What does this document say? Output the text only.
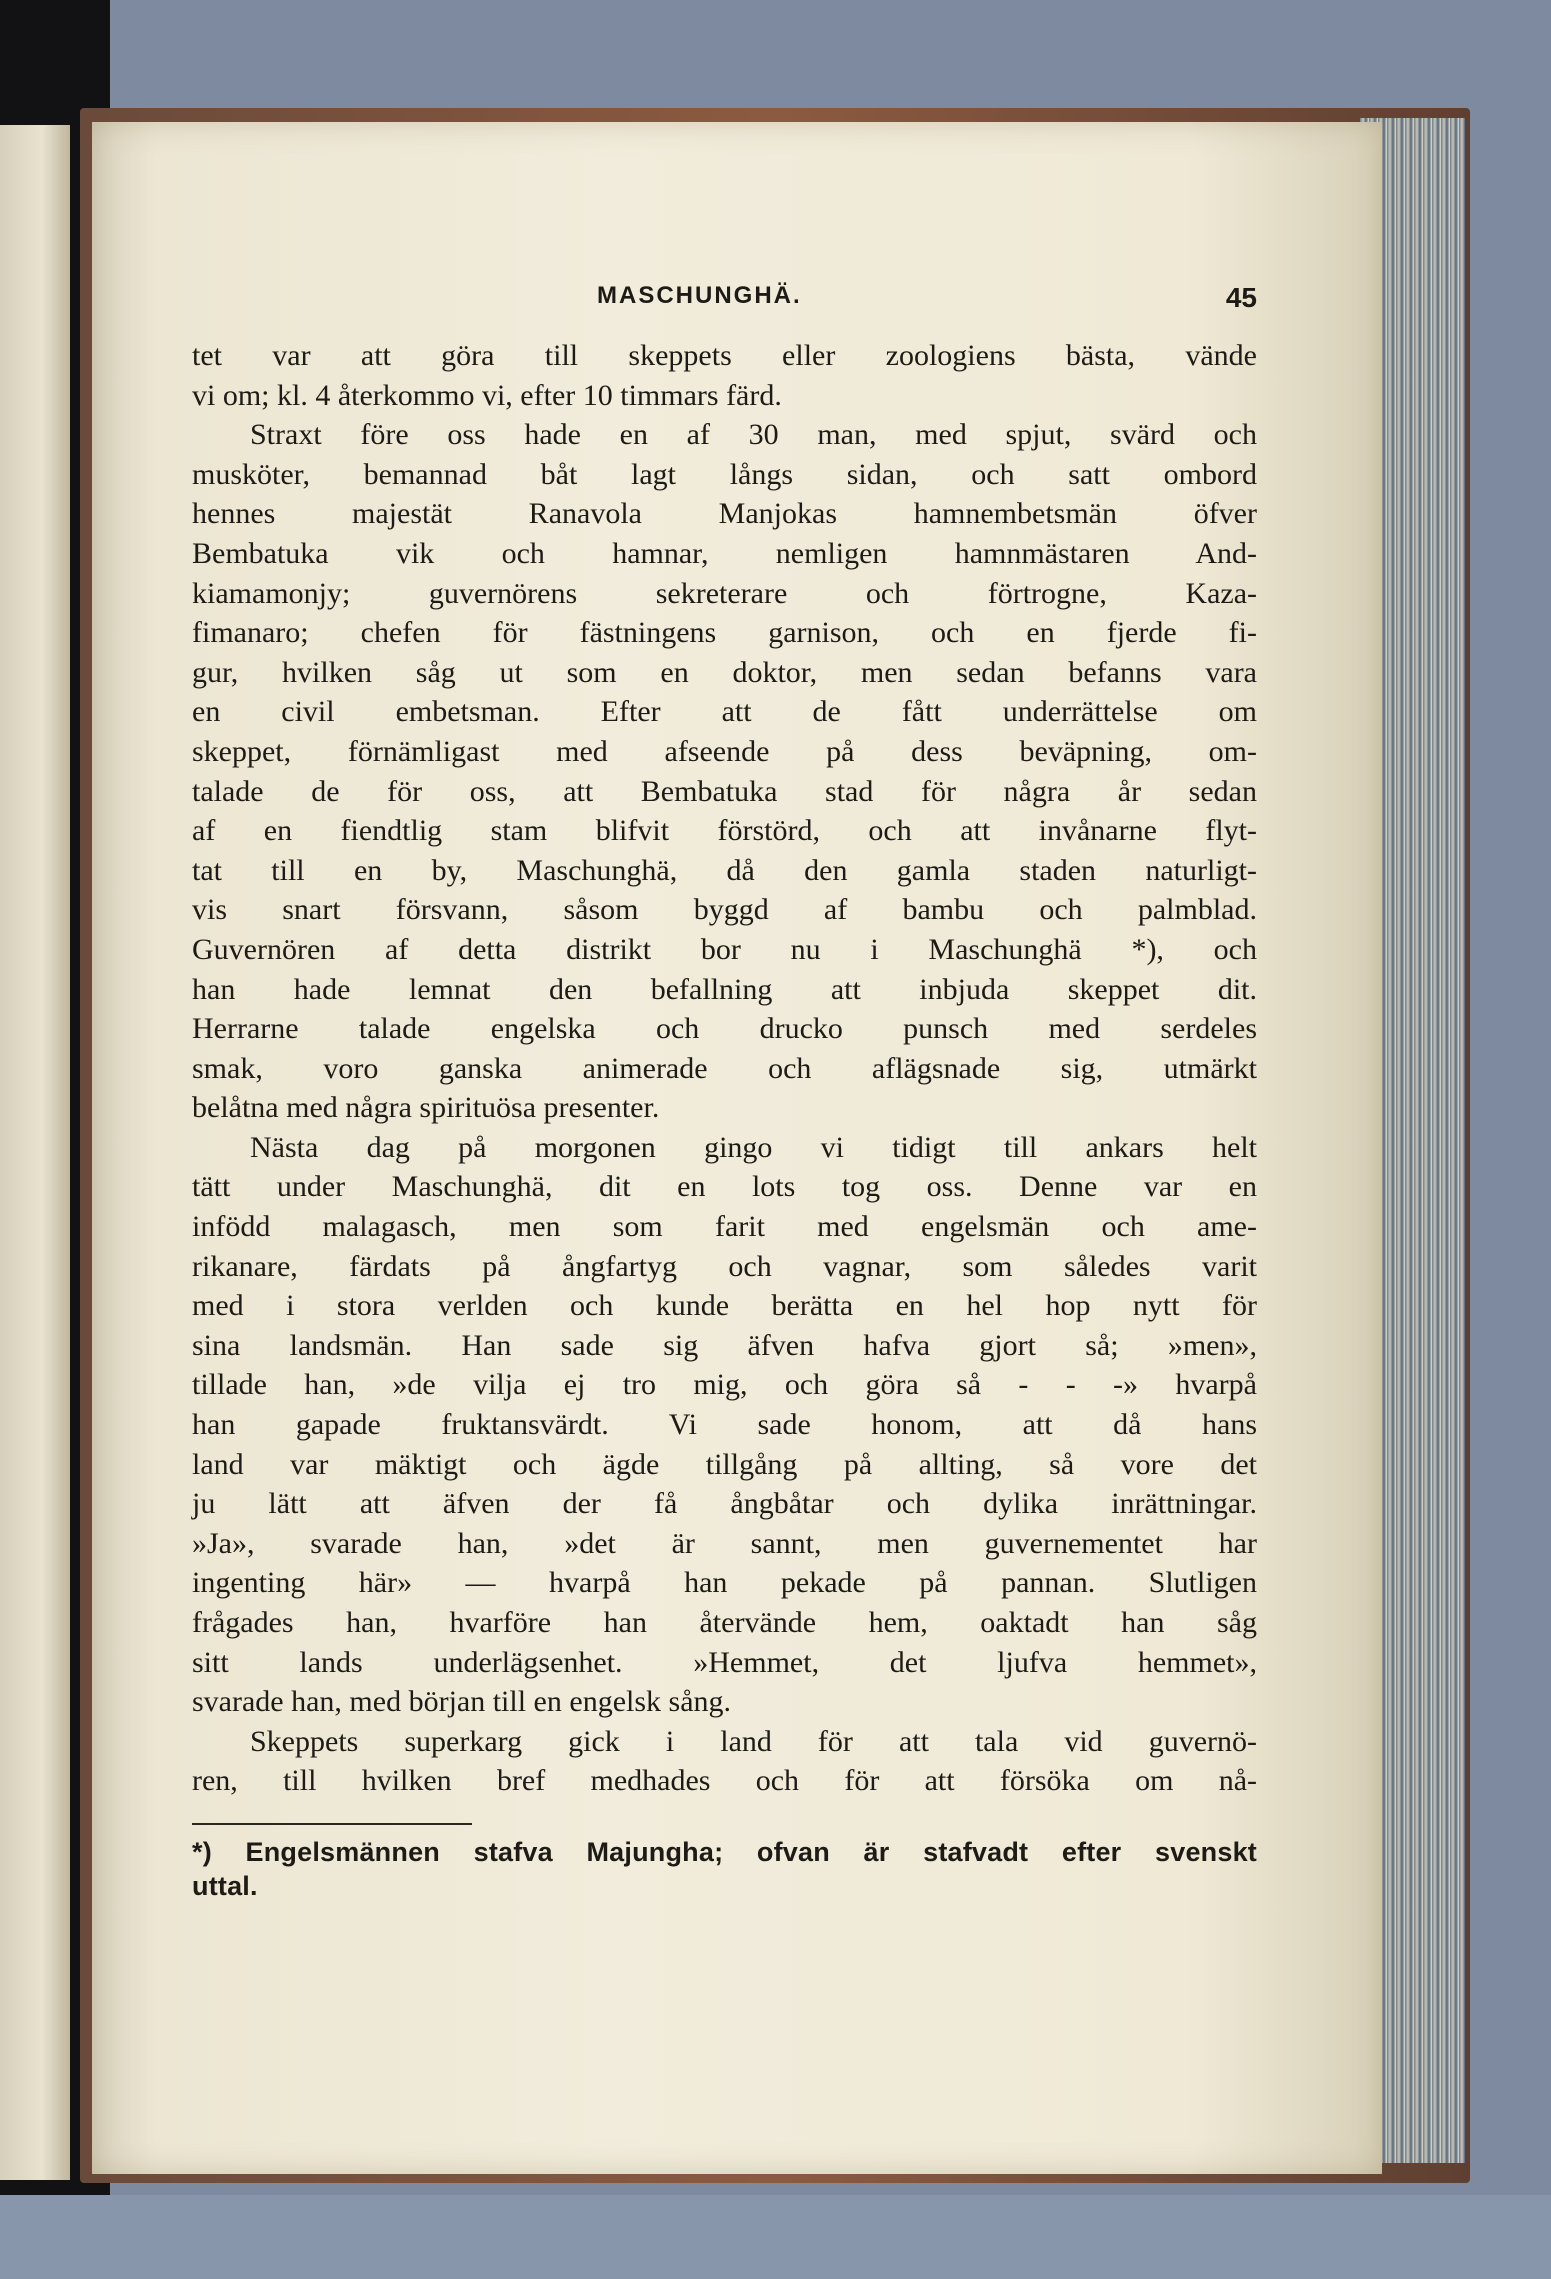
MASCHUNGHÄ.	45
tet var att göra till skeppets eller zoologiens bästa, vände
vi om; kl. 4 återkommo vi, efter 10 timmars färd.
Straxt före oss hade en af 30 man, med spjut, svärd och
musköter, bemannad båt lagt långs sidan, och satt ombord
hennes majestät Ranavola Manjokas hamnembetsmän öfver
Bembatuka vik och hamnar, nemligen hamnmästaren And-
kiamamonjy; guvernörens sekreterare och förtrogne, Kaza-
fimanaro; chefen för fästningens garnison, och en fjerde fi-
gur, hvilken såg ut som en doktor, men sedan befanns vara
en civil embetsman. Efter att de fått underrättelse om
skeppet, förnämligast med afseende på dess beväpning, om-
talade de för oss, att Bembatuka stad för några år sedan
af en fiendtlig stam blifvit förstörd, och att invånarne flyt-
tat till en by, Maschunghä, då den gamla staden naturligt-
vis snart försvann, såsom byggd af bambu och palmblad.
Guvernören af detta distrikt bor nu i Maschunghä *), och
han hade lemnat den befallning att inbjuda skeppet dit.
Herrarne talade engelska och drucko punsch med serdeles
smak, voro ganska animerade och aflägsnade sig, utmärkt
belåtna med några spirituösa presenter.
Nästa dag på morgonen gingo vi tidigt till ankars helt
tätt under Maschunghä, dit en lots tog oss. Denne var en
infödd malagasch, men som farit med engelsmän och ame-
rikanare, färdats på ångfartyg och vagnar, som således varit
med i stora verlden och kunde berätta en hel hop nytt för
sina landsmän. Han sade sig äfven hafva gjort så; »men»,
tillade han, »de vilja ej tro mig, och göra så - - -» hvarpå
han gapade fruktansvärdt. Vi sade honom, att då hans
land var mäktigt och ägde tillgång på allting, så vore det
ju lätt att äfven der få ångbåtar och dylika inrättningar.
»Ja», svarade han, »det är sannt, men guvernementet har
ingenting här» — hvarpå han pekade på pannan. Slutligen
frågades han, hvarföre han återvände hem, oaktadt han såg
sitt lands underlägsenhet. »Hemmet, det ljufva hemmet»,
svarade han, med början till en engelsk sång.
Skeppets superkarg gick i land för att tala vid guvernö-
ren, till hvilken bref medhades och för att försöka om nå-
*) Engelsmännen stafva Majungha; ofvan är stafvadt efter svenskt
uttal.
